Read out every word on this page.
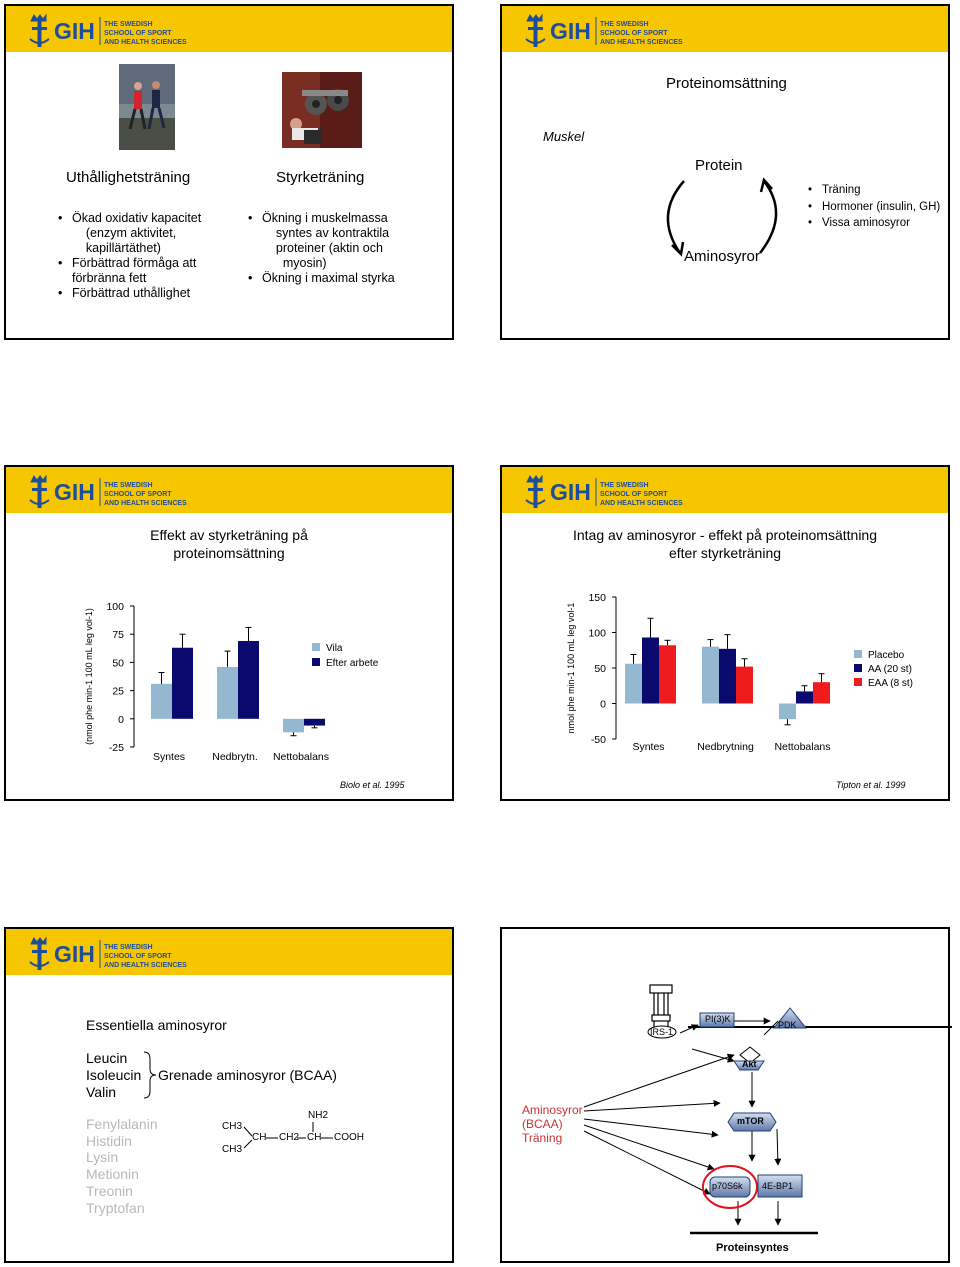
GIH THE SWEDISH
SCHOOL OF SPORT
AND HEALTH SCIENCES
Uthållighetsträning
• Ökad oxidativ kapacitet
(enzym aktivitet,
kapillärtäthet)
• Förbättrad förmåga att
förbränna fett
• Förbättrad uthållighet
Styrketräning
• Ökning i muskelmassa
syntes av kontraktila
proteiner (aktin och
myosin)
• Ökning i maximal styrka
GIH THE SWEDISH
SCHOOL OF SPORT
AND HEALTH SCIENCES
Proteinomsättning
Muskel
Protein
Aminosyror
• Träning
• Hormoner (insulin, GH)
• Vissa aminosyror
GIH THE SWEDISH
SCHOOL OF SPORT
AND HEALTH SCIENCES
Effekt av styrketräning på
proteinomsättning
100
75
50
25
0
-25
(nmol phe min-1 100 mL leg vol-1)
Syntes	Nedbrytn. Nettobalans
Vila
Efter arbete
Biolo et al. 1995
GIH THE SWEDISH
SCHOOL OF SPORT
AND HEALTH SCIENCES
Intag av aminosyror - effekt på proteinomsättning
efter styrketräning
150
100
50
0
-50
nmol phe min-1 100 mL leg vol-1
Syntes	Nedbrytning Nettobalans
Placebo
AA (20 st)
EAA (8 st)
Tipton et al. 1999
GIH THE SWEDISH
SCHOOL OF SPORT
AND HEALTH SCIENCES
Essentiella aminosyror
Leucin
Isoleucin
Valin
Grenade aminosyror (BCAA)
Fenylalanin
Histidin
Lysin
Metionin
Treonin
Tryptofan
CH3
CH3
CH CH2 CH COOH
NH2	Aminosyror
(BCAA)
Träning
IRS-1
PI(3)K
PDK
Akt
mTOR
p70S6k 4E-BP1
Proteinsyntes
